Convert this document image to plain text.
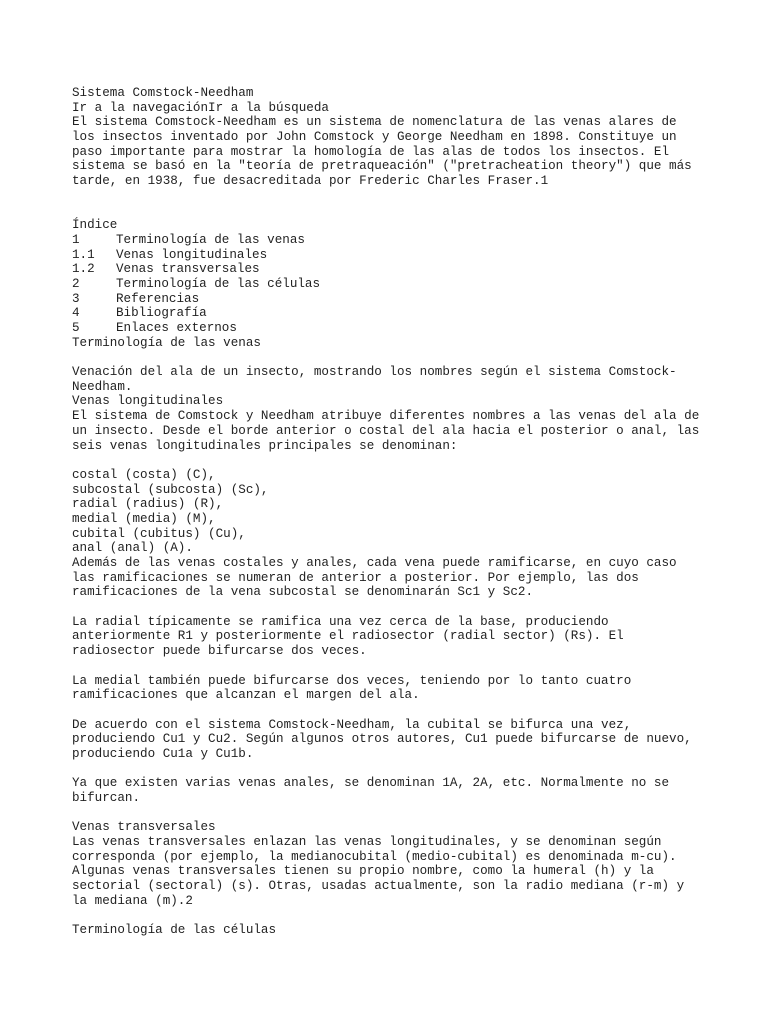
Sistema Comstock-Needham
Ir a la navegaciónIr a la búsqueda
El sistema Comstock-Needham es un sistema de nomenclatura de las venas alares de
los insectos inventado por John Comstock y George Needham en 1898. Constituye un
paso importante para mostrar la homología de las alas de todos los insectos. El
sistema se basó en la "teoría de pretraqueación" ("pretracheation theory") que más
tarde, en 1938, fue desacreditada por Frederic Charles Fraser.1
Índice
1	Terminología de las venas
1.1	Venas longitudinales
1.2	Venas transversales
2	Terminología de las células
3	Referencias
4	Bibliografía
5	Enlaces externos
Terminología de las venas
Venación del ala de un insecto, mostrando los nombres según el sistema Comstock-
Needham.
Venas longitudinales
El sistema de Comstock y Needham atribuye diferentes nombres a las venas del ala de
un insecto. Desde el borde anterior o costal del ala hacia el posterior o anal, las
seis venas longitudinales principales se denominan:
costal (costa) (C),
subcostal (subcosta) (Sc),
radial (radius) (R),
medial (media) (M),
cubital (cubitus) (Cu),
anal (anal) (A).
Además de las venas costales y anales, cada vena puede ramificarse, en cuyo caso
las ramificaciones se numeran de anterior a posterior. Por ejemplo, las dos
ramificaciones de la vena subcostal se denominarán Sc1 y Sc2.
La radial típicamente se ramifica una vez cerca de la base, produciendo
anteriormente R1 y posteriormente el radiosector (radial sector) (Rs). El
radiosector puede bifurcarse dos veces.
La medial también puede bifurcarse dos veces, teniendo por lo tanto cuatro
ramificaciones que alcanzan el margen del ala.
De acuerdo con el sistema Comstock-Needham, la cubital se bifurca una vez,
produciendo Cu1 y Cu2. Según algunos otros autores, Cu1 puede bifurcarse de nuevo,
produciendo Cu1a y Cu1b.
Ya que existen varias venas anales, se denominan 1A, 2A, etc. Normalmente no se
bifurcan.
Venas transversales
Las venas transversales enlazan las venas longitudinales, y se denominan según
corresponda (por ejemplo, la medianocubital (medio-cubital) es denominada m-cu).
Algunas venas transversales tienen su propio nombre, como la humeral (h) y la
sectorial (sectoral) (s). Otras, usadas actualmente, son la radio mediana (r-m) y
la mediana (m).2
Terminología de las células
